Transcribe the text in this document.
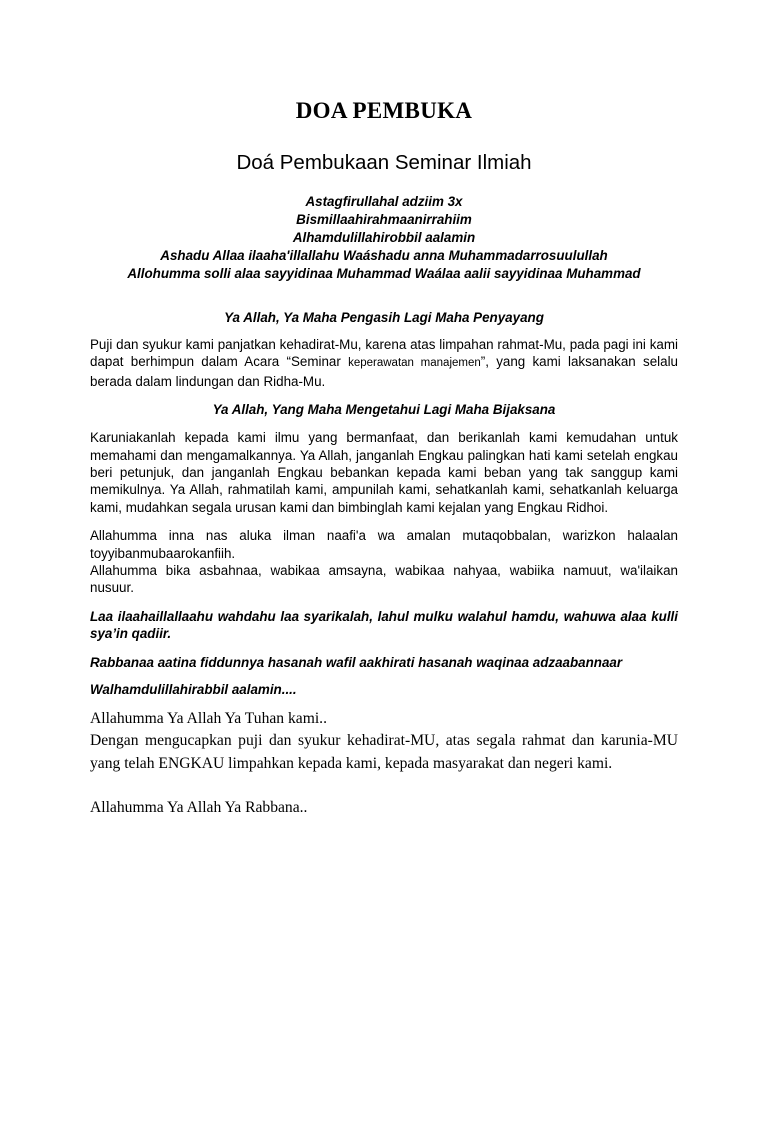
DOA PEMBUKA
Doá Pembukaan Seminar Ilmiah
Astagfirullahal adziim 3x
Bismillaahirahmaanirrahiim
Alhamdulillahirobbil aalamin
Ashadu Allaa ilaaha'illallahu Waáshadu anna Muhammadarrosuulullah
Allohumma solli alaa sayyidinaa Muhammad Waálaa aalii sayyidinaa Muhammad
Ya Allah, Ya Maha Pengasih Lagi Maha Penyayang
Puji dan syukur kami panjatkan kehadirat-Mu, karena atas limpahan rahmat-Mu, pada pagi ini kami dapat berhimpun dalam Acara “Seminar keperawatan manajemen”, yang kami laksanakan selalu berada dalam lindungan dan Ridha-Mu.
Ya Allah, Yang Maha Mengetahui Lagi Maha Bijaksana
Karuniakanlah kepada kami ilmu yang bermanfaat, dan berikanlah kami kemudahan untuk memahami dan mengamalkannya. Ya Allah, janganlah Engkau palingkan hati kami setelah engkau beri petunjuk, dan janganlah Engkau bebankan kepada kami beban yang tak sanggup kami memikulnya. Ya Allah, rahmatilah kami, ampunilah kami, sehatkanlah kami, sehatkanlah keluarga kami, mudahkan segala urusan kami dan bimbinglah kami kejalan yang Engkau Ridhoi.
Allahumma inna nas aluka ilman naafi'a wa amalan mutaqobbalan, warizkon halaalan toyyibanmubaarokanfiih.
Allahumma bika asbahnaa, wabikaa amsayna, wabikaa nahyaa, wabiika namuut, wa'ilaikan nusuur.
Laa ilaahaillallaahu wahdahu laa syarikalah, lahul mulku walahul hamdu, wahuwa alaa kulli sya’in qadiir.
Rabbanaa aatina fiddunnya hasanah wafil aakhirati hasanah waqinaa adzaabannaar
Walhamdulillahirabbil aalamin....
Allahumma Ya Allah Ya Tuhan kami..
Dengan mengucapkan puji dan syukur kehadirat-MU, atas segala rahmat dan karunia-MU yang telah ENGKAU limpahkan kepada kami, kepada masyarakat dan negeri kami.
Allahumma Ya Allah Ya Rabbana..
